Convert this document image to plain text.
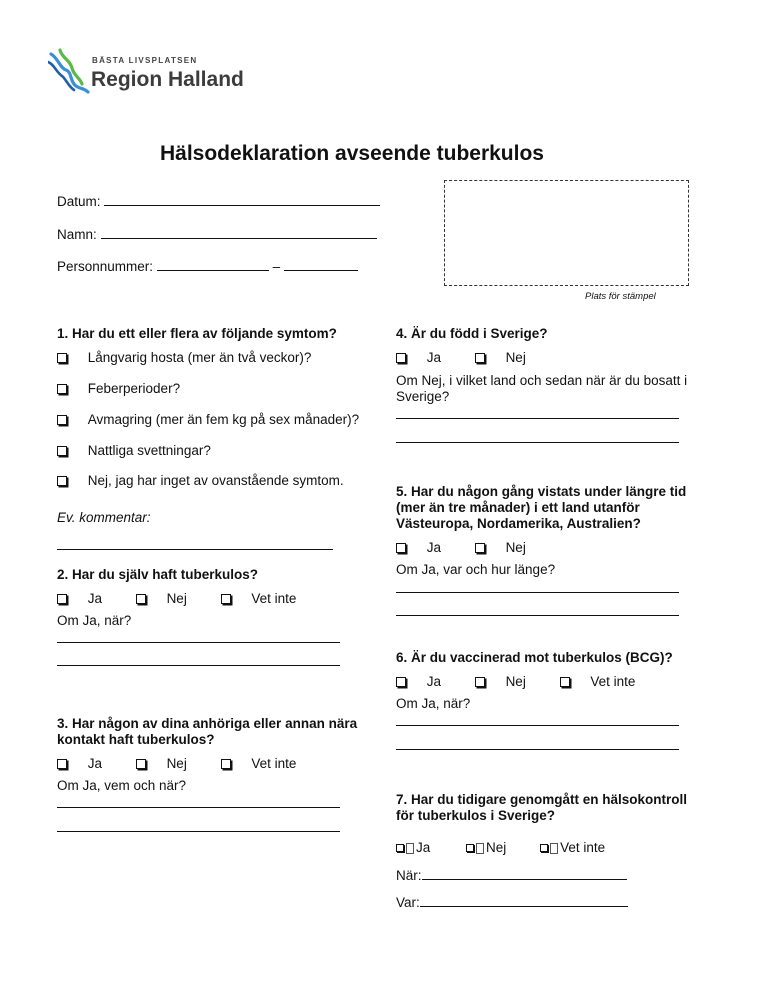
BÄSTA LIVSPLATSEN
Region Halland
Hälsodeklaration avseende tuberkulos
Datum:
Namn:
Personnummer:	–
Plats för stämpel
1. Har du ett eller flera av följande symtom?
Långvarig hosta (mer än två veckor)?
Feberperioder?
Avmagring (mer än fem kg på sex månader)?
Nattliga svettningar?
Nej, jag har inget av ovanstående symtom.
Ev. kommentar:
2. Har du själv haft tuberkulos?
Ja	Nej	Vet inte
Om Ja, när?
3. Har någon av dina anhöriga eller annan nära
kontakt haft tuberkulos?
Ja	Nej	Vet inte
Om Ja, vem och när?
4. Är du född i Sverige?
Ja	Nej
Om Nej, i vilket land och sedan när är du bosatt i
Sverige?
5. Har du någon gång vistats under längre tid
(mer än tre månader) i ett land utanför
Västeuropa, Nordamerika, Australien?
Ja	Nej
Om Ja, var och hur länge?
6. Är du vaccinerad mot tuberkulos (BCG)?
Ja	Nej	Vet inte
Om Ja, när?
7. Har du tidigare genomgått en hälsokontroll
för tuberkulos i Sverige?
Ja	Nej	Vet inte
När:
Var:
